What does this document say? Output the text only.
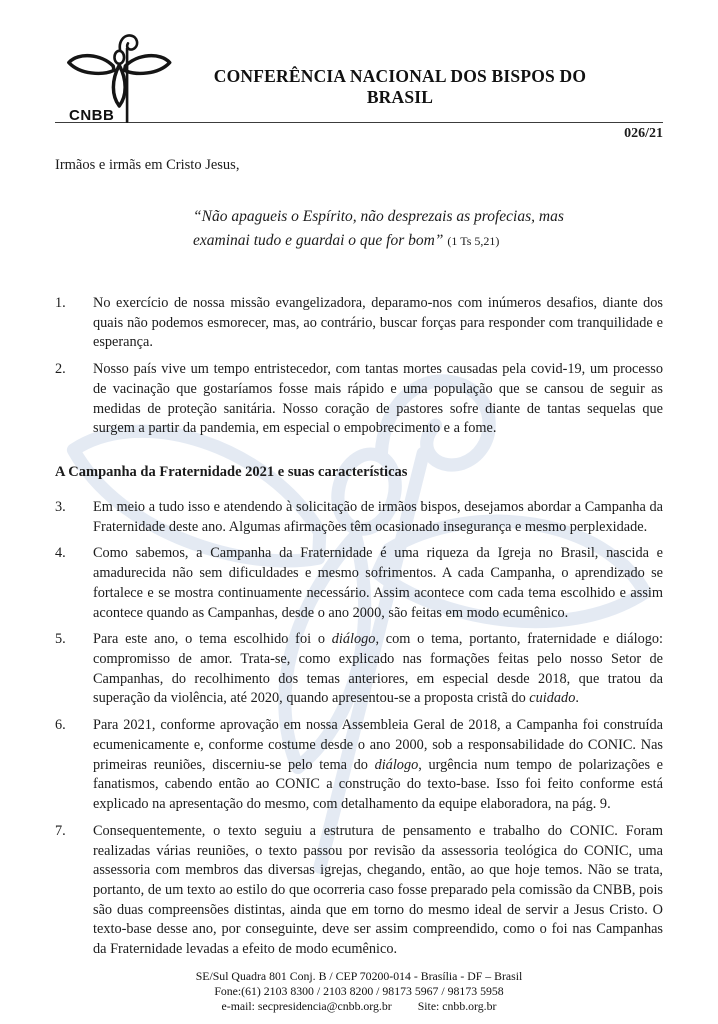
CNBB
CONFERÊNCIA NACIONAL DOS BISPOS DO BRASIL
026/21
Irmãos e irmãs em Cristo Jesus,
“Não apagueis o Espírito, não desprezais as profecias, mas
examinai tudo e guardai o que for bom” (1 Ts 5,21)
1.	No exercício de nossa missão evangelizadora, deparamo-nos com inúmeros desafios, diante dos quais não podemos esmorecer, mas, ao contrário, buscar forças para responder com tranquilidade e esperança.
2.	Nosso país vive um tempo entristecedor, com tantas mortes causadas pela covid-19, um processo de vacinação que gostaríamos fosse mais rápido e uma população que se cansou de seguir as medidas de proteção sanitária. Nosso coração de pastores sofre diante de tantas sequelas que surgem a partir da pandemia, em especial o empobrecimento e a fome.
A Campanha da Fraternidade 2021 e suas características
3.	Em meio a tudo isso e atendendo à solicitação de irmãos bispos, desejamos abordar a Campanha da Fraternidade deste ano. Algumas afirmações têm ocasionado insegurança e mesmo perplexidade.
4.	Como sabemos, a Campanha da Fraternidade é uma riqueza da Igreja no Brasil, nascida e amadurecida não sem dificuldades e mesmo sofrimentos. A cada Campanha, o aprendizado se fortalece e se mostra continuamente necessário. Assim acontece com cada tema escolhido e assim acontece quando as Campanhas, desde o ano 2000, são feitas em modo ecumênico.
5.	Para este ano, o tema escolhido foi o diálogo, com o tema, portanto, fraternidade e diálogo: compromisso de amor. Trata-se, como explicado nas formações feitas pelo nosso Setor de Campanhas, do recolhimento dos temas anteriores, em especial desde 2018, que tratou da superação da violência, até 2020, quando apresentou-se a proposta cristã do cuidado.
6.	Para 2021, conforme aprovação em nossa Assembleia Geral de 2018, a Campanha foi construída ecumenicamente e, conforme costume desde o ano 2000, sob a responsabilidade do CONIC. Nas primeiras reuniões, discerniu-se pelo tema do diálogo, urgência num tempo de polarizações e fanatismos, cabendo então ao CONIC a construção do texto-base. Isso foi feito conforme está explicado na apresentação do mesmo, com detalhamento da equipe elaboradora, na pág. 9.
7.	Consequentemente, o texto seguiu a estrutura de pensamento e trabalho do CONIC. Foram realizadas várias reuniões, o texto passou por revisão da assessoria teológica do CONIC, uma assessoria com membros das diversas igrejas, chegando, então, ao que hoje temos. Não se trata, portanto, de um texto ao estilo do que ocorreria caso fosse preparado pela comissão da CNBB, pois são duas compreensões distintas, ainda que em torno do mesmo ideal de servir a Jesus Cristo. O texto-base desse ano, por conseguinte, deve ser assim compreendido, como o foi nas Campanhas da Fraternidade levadas a efeito de modo ecumênico.
SE/Sul Quadra 801 Conj. B / CEP 70200-014 - Brasília - DF – Brasil
Fone:(61) 2103 8300 / 2103 8200 / 98173 5967 / 98173 5958
e-mail: secpresidencia@cnbb.org.br Site: cnbb.org.br
